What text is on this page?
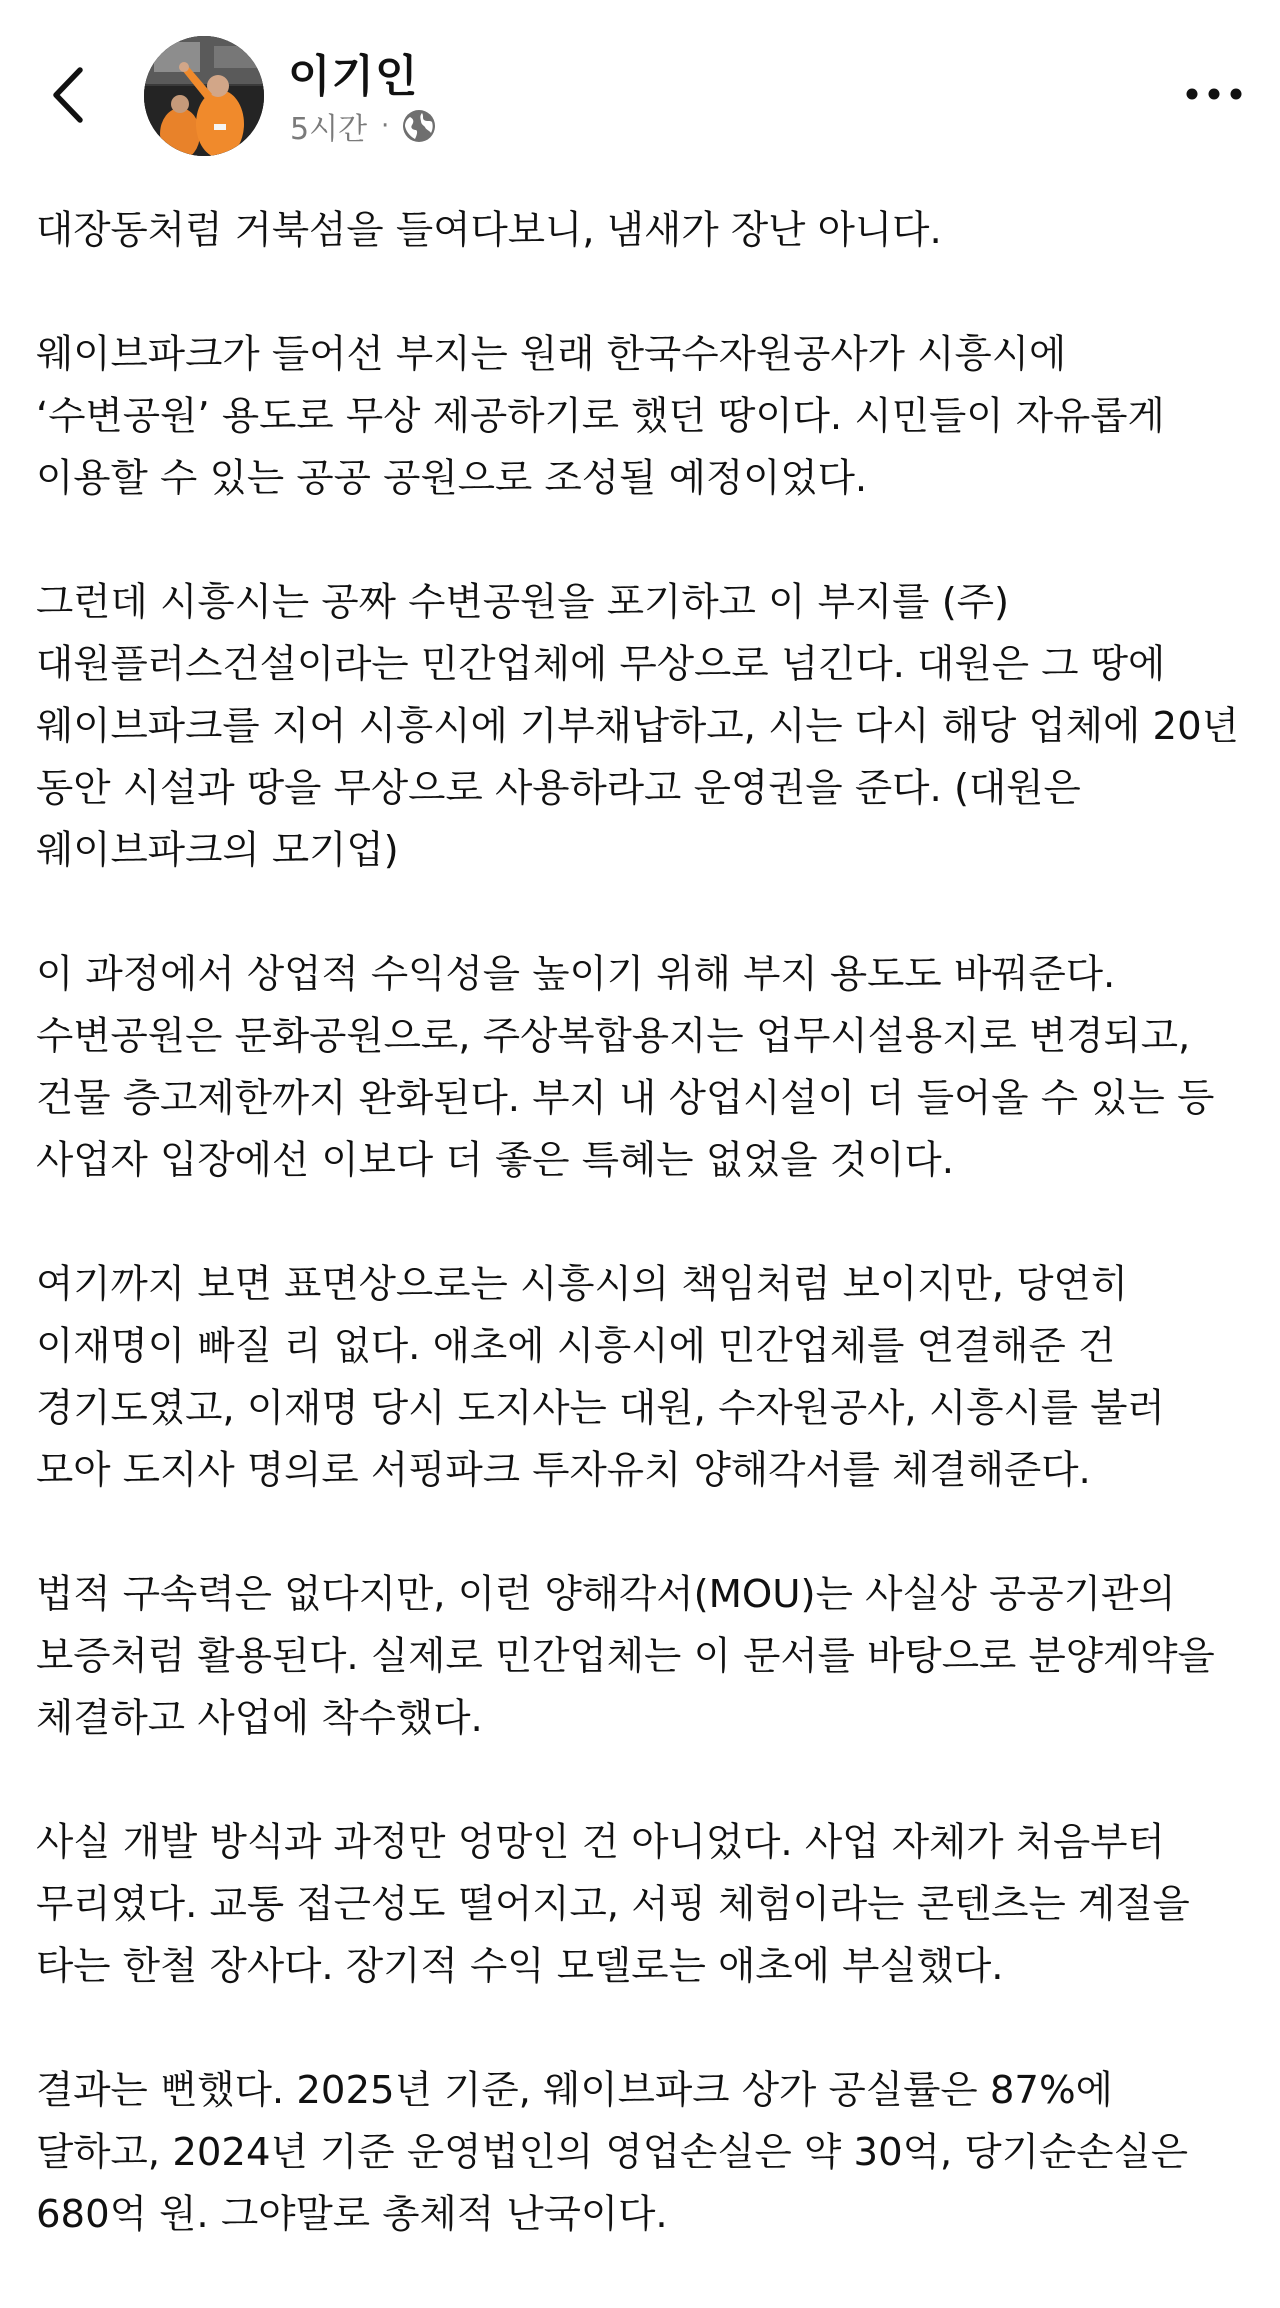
이기인
5시간 ·

대장동처럼 거북섬을 들여다보니, 냄새가 장난 아니다.

웨이브파크가 들어선 부지는 원래 한국수자원공사가 시흥시에 ‘수변공원’ 용도로 무상 제공하기로 했던 땅이다. 시민들이 자유롭게 이용할 수 있는 공공 공원으로 조성될 예정이었다.

그런데 시흥시는 공짜 수변공원을 포기하고 이 부지를 (주)대원플러스건설이라는 민간업체에 무상으로 넘긴다. 대원은 그 땅에 웨이브파크를 지어 시흥시에 기부채납하고, 시는 다시 해당 업체에 20년 동안 시설과 땅을 무상으로 사용하라고 운영권을 준다. (대원은 웨이브파크의 모기업)

이 과정에서 상업적 수익성을 높이기 위해 부지 용도도 바꿔준다. 수변공원은 문화공원으로, 주상복합용지는 업무시설용지로 변경되고, 건물 층고제한까지 완화된다. 부지 내 상업시설이 더 들어올 수 있는 등 사업자 입장에선 이보다 더 좋은 특혜는 없었을 것이다.

여기까지 보면 표면상으로는 시흥시의 책임처럼 보이지만, 당연히 이재명이 빠질 리 없다. 애초에 시흥시에 민간업체를 연결해준 건 경기도였고, 이재명 당시 도지사는 대원, 수자원공사, 시흥시를 불러 모아 도지사 명의로 서핑파크 투자유치 양해각서를 체결해준다.

법적 구속력은 없다지만, 이런 양해각서(MOU)는 사실상 공공기관의 보증처럼 활용된다. 실제로 민간업체는 이 문서를 바탕으로 분양계약을 체결하고 사업에 착수했다.

사실 개발 방식과 과정만 엉망인 건 아니었다. 사업 자체가 처음부터 무리였다. 교통 접근성도 떨어지고, 서핑 체험이라는 콘텐츠는 계절을 타는 한철 장사다. 장기적 수익 모델로는 애초에 부실했다.

결과는 뻔했다. 2025년 기준, 웨이브파크 상가 공실률은 87%에 달하고, 2024년 기준 운영법인의 영업손실은 약 30억, 당기순손실은 680억 원. 그야말로 총체적 난국이다.
